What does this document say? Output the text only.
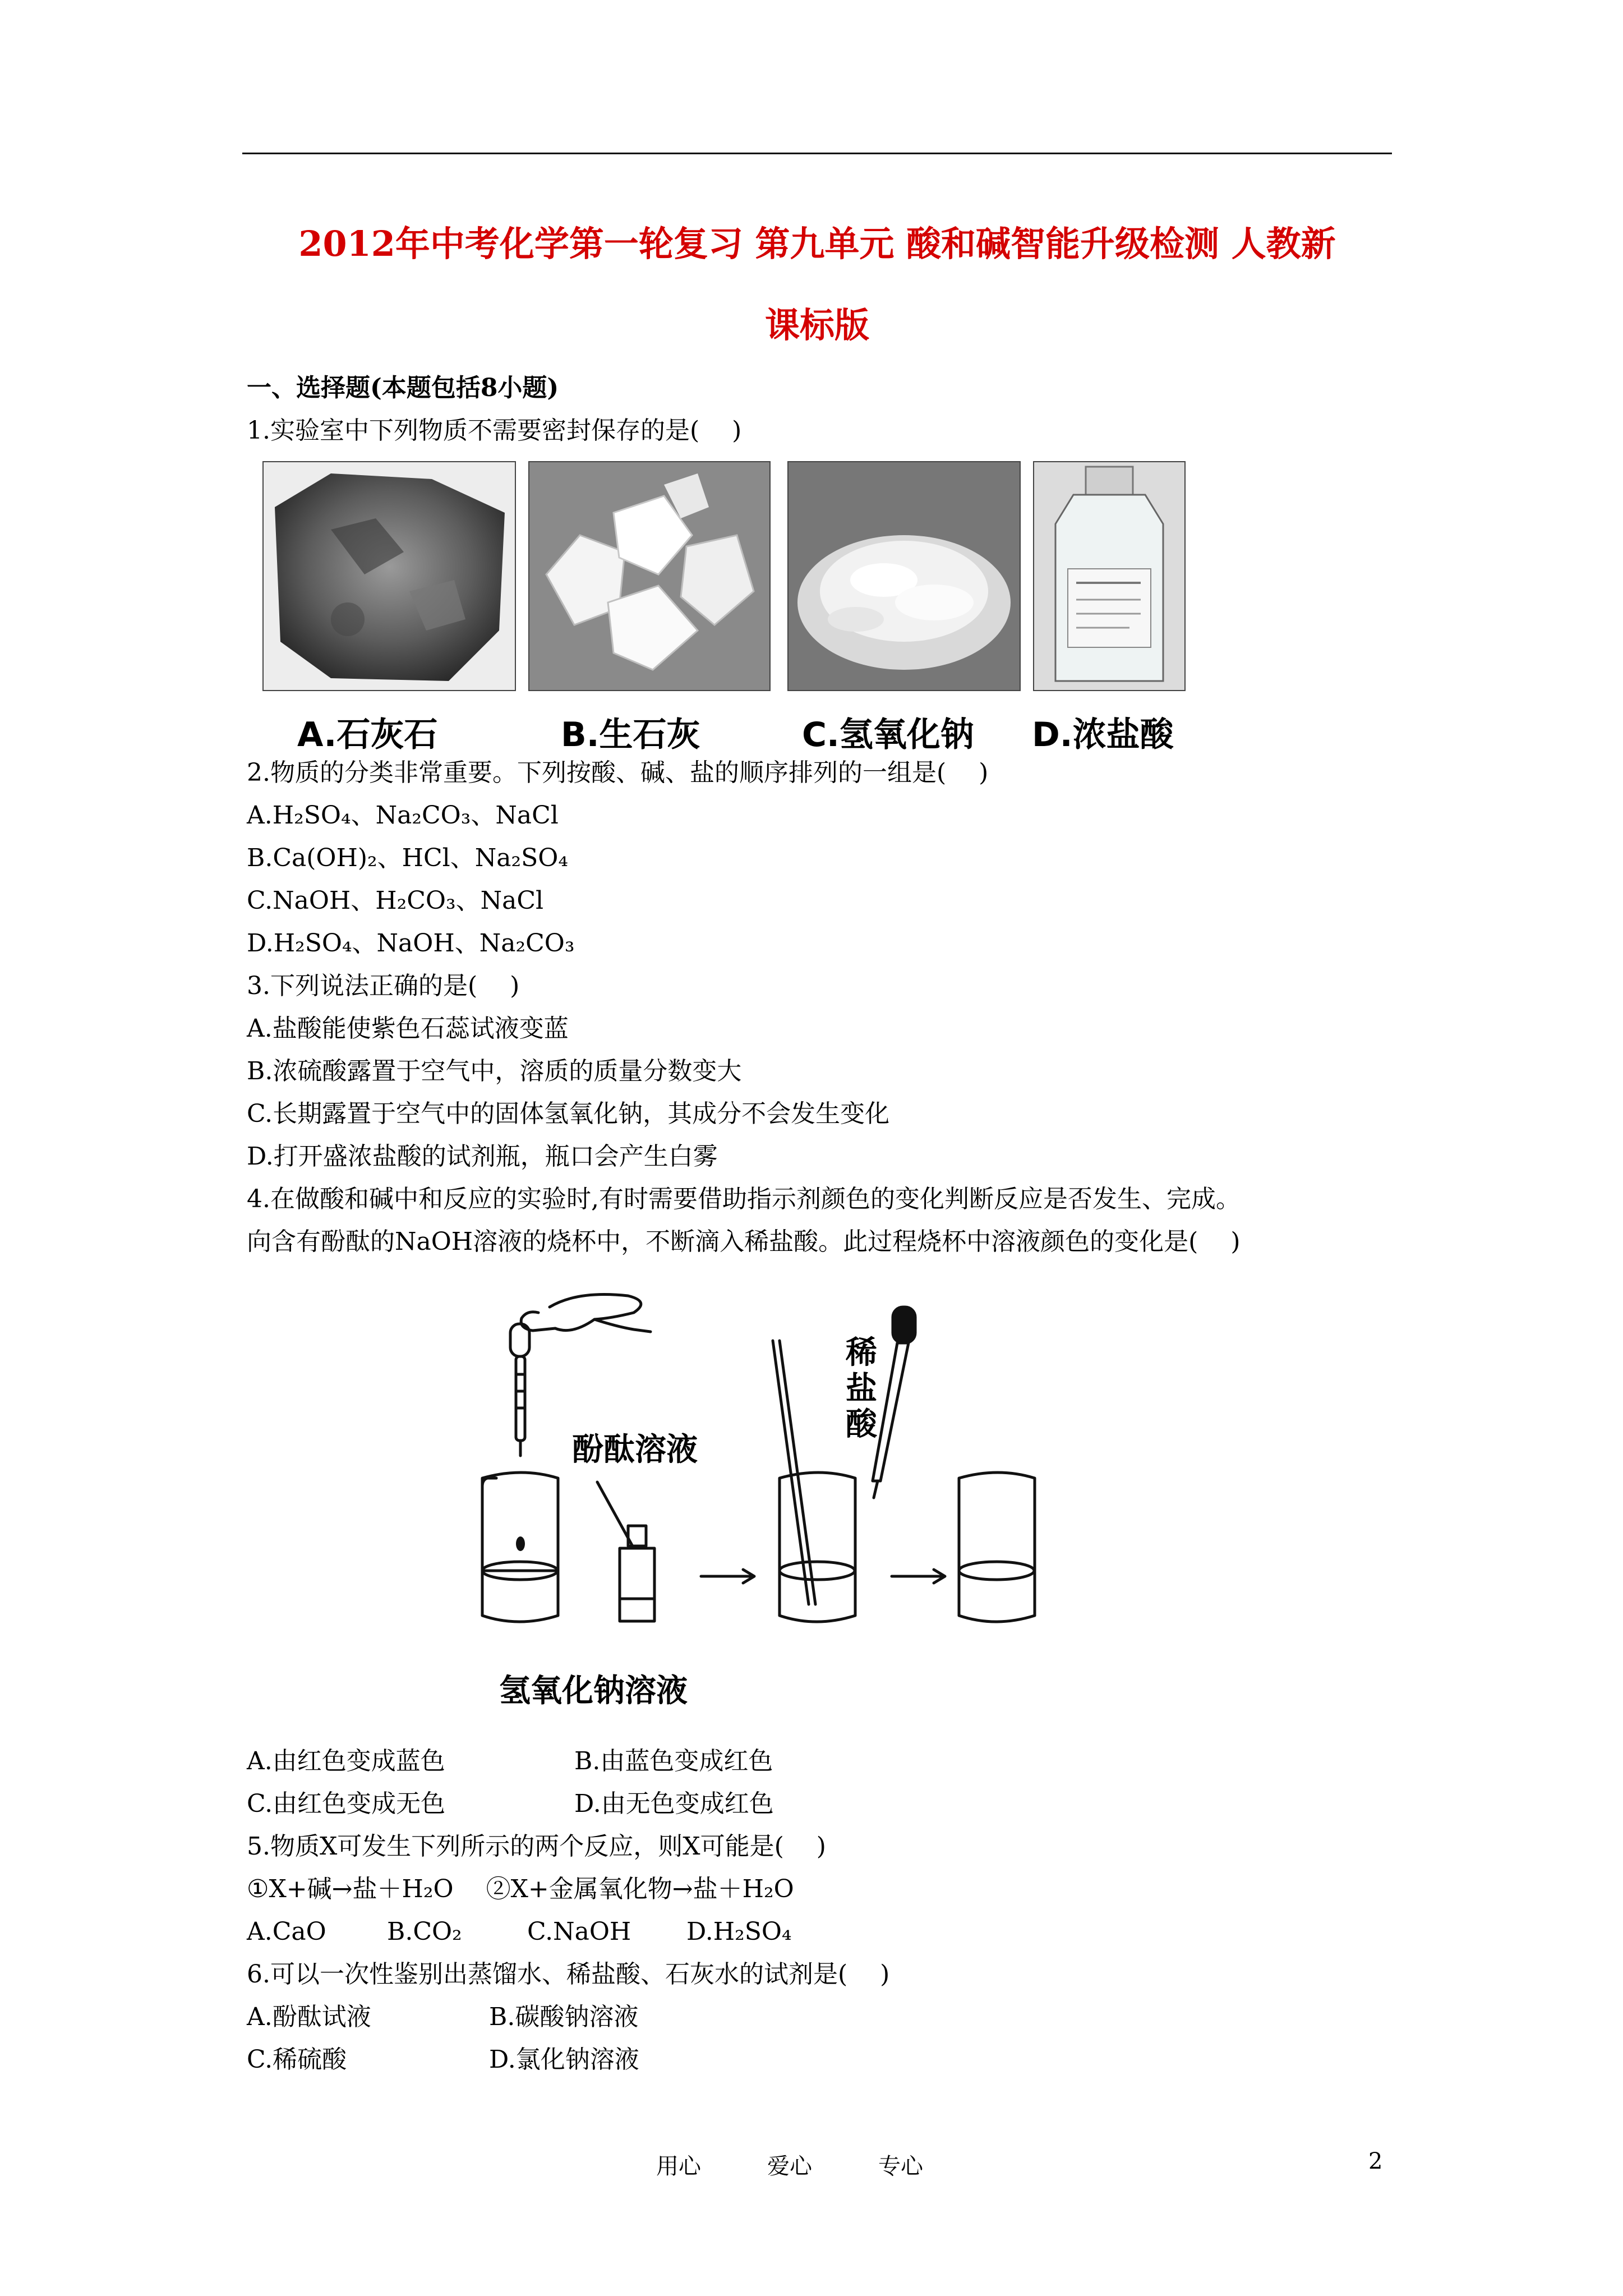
2012年中考化学第一轮复习 第九单元 酸和碱智能升级检测 人教新
课标版
一、选择题(本题包括8小题)
1.实验室中下列物质不需要密封保存的是(　 )
A.石灰石	B.生石灰	C.氢氧化钠 D.浓盐酸
2.物质的分类非常重要。下列按酸、碱、盐的顺序排列的一组是(　 )
A.H₂SO₄、Na₂CO₃、NaCl
B.Ca(OH)₂、HCl、Na₂SO₄
C.NaOH、H₂CO₃、NaCl
D.H₂SO₄、NaOH、Na₂CO₃
3.下列说法正确的是(　 )
A.盐酸能使紫色石蕊试液变蓝
B.浓硫酸露置于空气中，溶质的质量分数变大
C.长期露置于空气中的固体氢氧化钠，其成分不会发生变化
D.打开盛浓盐酸的试剂瓶，瓶口会产生白雾
4.在做酸和碱中和反应的实验时,有时需要借助指示剂颜色的变化判断反应是否发生、完成。
向含有酚酞的NaOH溶液的烧杯中，不断滴入稀盐酸。此过程烧杯中溶液颜色的变化是(　 )
酚酞溶液
稀盐酸
氢氧化钠溶液
A.由红色变成蓝色	B.由蓝色变成红色
C.由红色变成无色	D.由无色变成红色
5.物质X可发生下列所示的两个反应，则X可能是(　 )
①X+碱→盐＋H₂O　 ②X+金属氧化物→盐＋H₂O
A.CaO B.CO₂	C.NaOH D.H₂SO₄
6.可以一次性鉴别出蒸馏水、稀盐酸、石灰水的试剂是(　 )
A.酚酞试液	B.碳酸钠溶液
C.稀硫酸	D.氯化钠溶液
用心	爱心	专心	2
